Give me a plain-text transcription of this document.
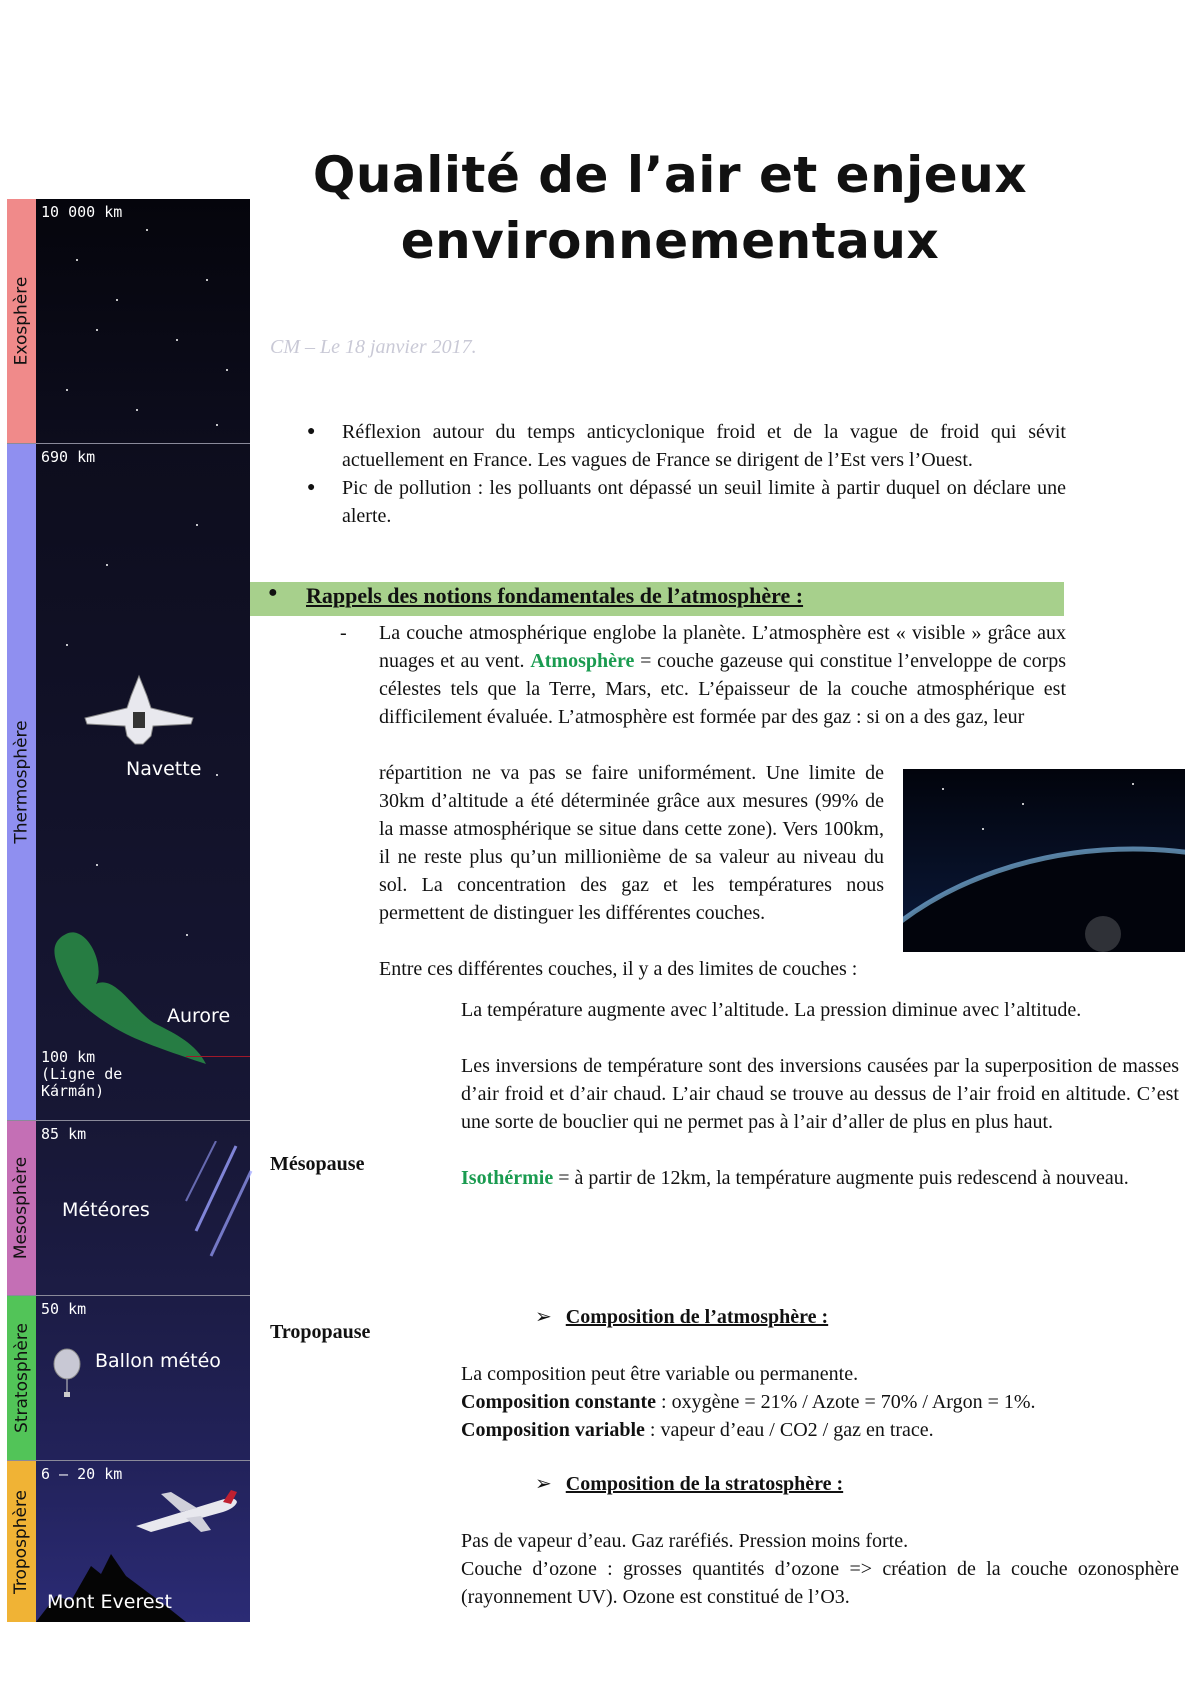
Qualité de l’air et enjeux environnementaux
CM – Le 18 janvier 2017.
● Réflexion autour du temps anticyclonique froid et de la vague de froid qui sévit actuellement en France. Les vagues de France se dirigent de l’Est vers l’Ouest.
● Pic de pollution : les polluants ont dépassé un seuil limite à partir duquel on déclare une alerte.
● Rappels des notions fondamentales de l’atmosphère :
-	La couche atmosphérique englobe la planète. L’atmosphère est « visible » grâce aux nuages et au vent. Atmosphère = couche gazeuse qui constitue l’enveloppe de corps célestes tels que la Terre, Mars, etc. L’épaisseur de la couche atmosphérique est difficilement évaluée. L’atmosphère est formée par des gaz : si on a des gaz, leur

répartition ne va pas se faire uniformément. Une limite de 30km d’altitude a été déterminée grâce aux mesures (99% de la masse atmosphérique se situe dans cette zone). Vers 100km, il ne reste plus qu’un millionième de sa valeur au niveau du sol. La concentration des gaz et les températures nous permettent de distinguer les différentes couches.

Entre ces différentes couches, il y a des limites de couches :
Mésopause

La température augmente avec l’altitude. La pression diminue avec l’altitude.

Les inversions de température sont des inversions causées par la superposition de masses d’air froid et d’air chaud. L’air chaud se trouve au dessus de l’air froid en altitude. C’est une sorte de bouclier qui ne permet pas à l’air d’aller de plus en plus haut.

Isothérmie = à partir de 12km, la température augmente puis redescend à nouveau.

Tropopause
➢ Composition de l’atmosphère :

La composition peut être variable ou permanente.

Composition constante : oxygène = 21% / Azote = 70% / Argon = 1%.

Composition variable : vapeur d’eau / CO2 / gaz en trace.

➢ Composition de la stratosphère :

Pas de vapeur d’eau. Gaz raréfiés. Pression moins forte.

Couche d’ozone : grosses quantités d’ozone => création de la couche ozonosphère (rayonnement UV). Ozone est constitué de l’O3.

Exosphère
10 000 km
Thermosphère
690 km
Navette
Aurore
100 km
(Ligne de
Kármán)
Mesosphère
85 km
Météores
Stratosphère
50 km
Ballon météo
Troposphère
6 – 20 km
Mont Everest
